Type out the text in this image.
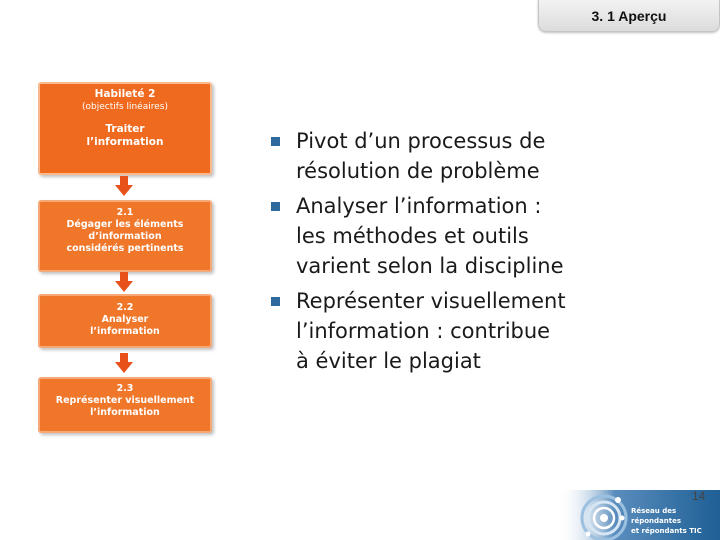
3. 1 Aperçu
Habileté 2
(objectifs linéaires)
Traiter
l’information
2.1
Dégager les éléments
d’information
considérés pertinents
2.2
Analyser
l’information
2.3
Représenter visuellement
l’information
Pivot d’un processus de
résolution de problème
Analyser l’information :
les méthodes et outils
varient selon la discipline
Représenter visuellement
l’information : contribue
à éviter le plagiat
Réseau des répondantes
et répondants TIC
14
